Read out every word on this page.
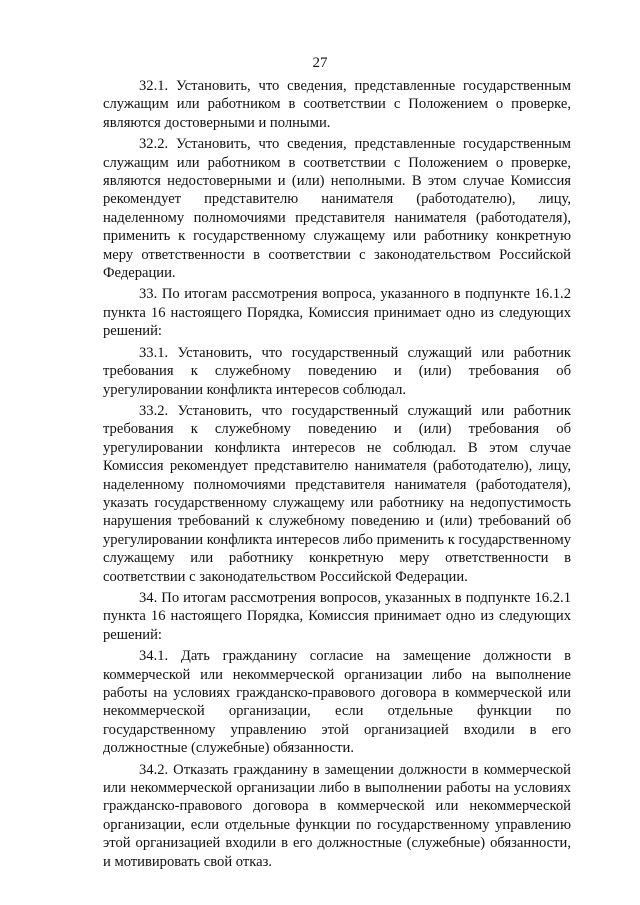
27

32.1. Установить, что сведения, представленные государственным служащим или работником в соответствии с Положением о проверке, являются достоверными и полными.

32.2. Установить, что сведения, представленные государственным служащим или работником в соответствии с Положением о проверке, являются недостоверными и (или) неполными. В этом случае Комиссия рекомендует представителю нанимателя (работодателю), лицу, наделенному полномочиями представителя нанимателя (работодателя), применить к государственному служащему или работнику конкретную меру ответственности в соответствии с законодательством Российской Федерации.

33. По итогам рассмотрения вопроса, указанного в подпункте 16.1.2 пункта 16 настоящего Порядка, Комиссия принимает одно из следующих решений:

33.1. Установить, что государственный служащий или работник требования к служебному поведению и (или) требования об урегулировании конфликта интересов соблюдал.

33.2. Установить, что государственный служащий или работник требования к служебному поведению и (или) требования об урегулировании конфликта интересов не соблюдал. В этом случае Комиссия рекомендует представителю нанимателя (работодателю), лицу, наделенному полномочиями представителя нанимателя (работодателя), указать государственному служащему или работнику на недопустимость нарушения требований к служебному поведению и (или) требований об урегулировании конфликта интересов либо применить к государственному служащему или работнику конкретную меру ответственности в соответствии с законодательством Российской Федерации.

34. По итогам рассмотрения вопросов, указанных в подпункте 16.2.1 пункта 16 настоящего Порядка, Комиссия принимает одно из следующих решений:

34.1. Дать гражданину согласие на замещение должности в коммерческой или некоммерческой организации либо на выполнение работы на условиях гражданско-правового договора в коммерческой или некоммерческой организации, если отдельные функции по государственному управлению этой организацией входили в его должностные (служебные) обязанности.

34.2. Отказать гражданину в замещении должности в коммерческой или некоммерческой организации либо в выполнении работы на условиях гражданско-правового договора в коммерческой или некоммерческой организации, если отдельные функции по государственному управлению этой организацией входили в его должностные (служебные) обязанности, и мотивировать свой отказ.
